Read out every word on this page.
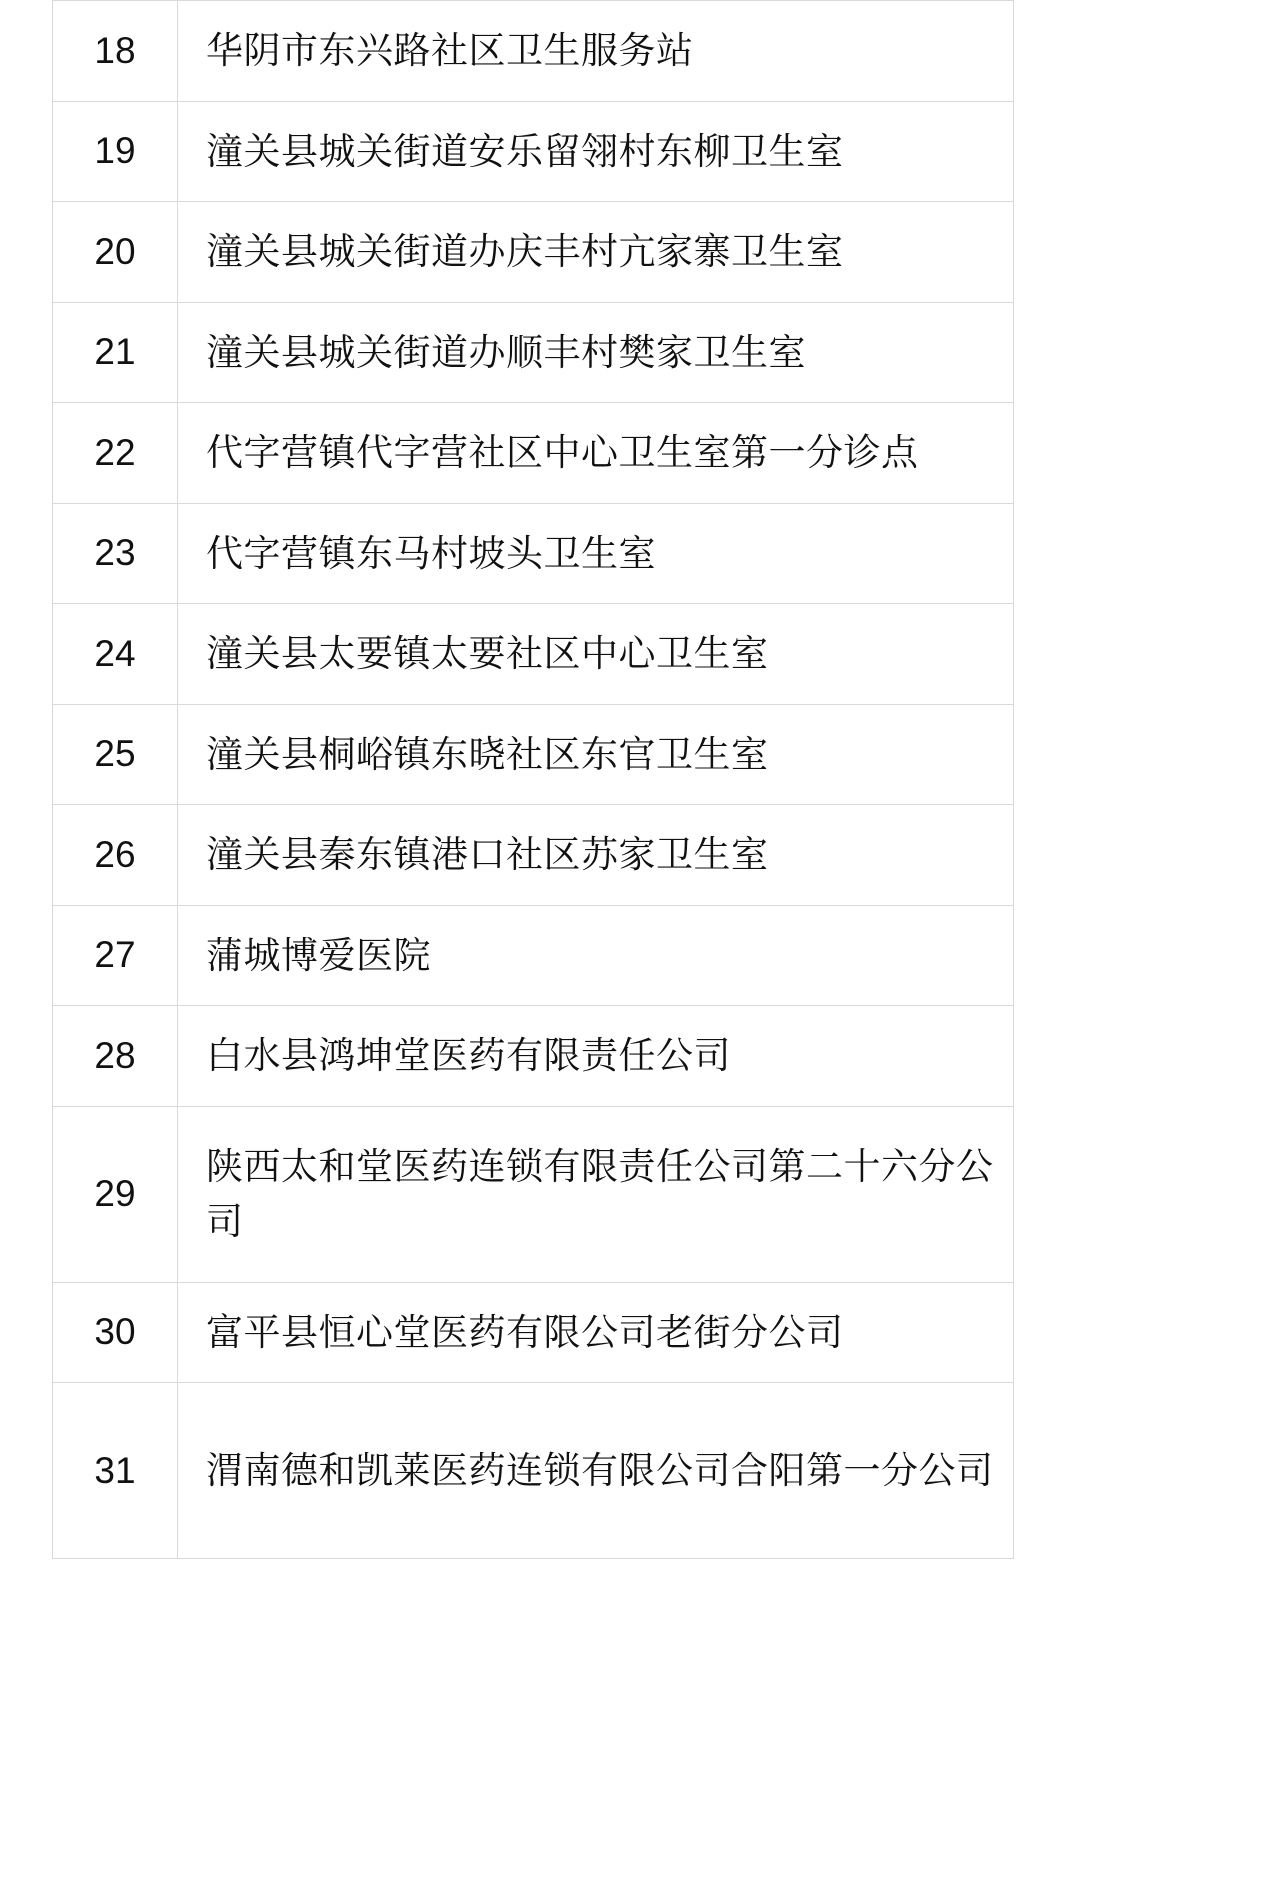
18	华阴市东兴路社区卫生服务站
19	潼关县城关街道安乐留翎村东柳卫生室
20	潼关县城关街道办庆丰村亢家寨卫生室
21	潼关县城关街道办顺丰村樊家卫生室
22	代字营镇代字营社区中心卫生室第一分诊点
23	代字营镇东马村坡头卫生室
24	潼关县太要镇太要社区中心卫生室
25	潼关县桐峪镇东晓社区东官卫生室
26	潼关县秦东镇港口社区苏家卫生室
27	蒲城博爱医院
28	白水县鸿坤堂医药有限责任公司
29	陕西太和堂医药连锁有限责任公司第二十六分公司
30	富平县恒心堂医药有限公司老街分公司
31	渭南德和凯莱医药连锁有限公司合阳第一分公司
